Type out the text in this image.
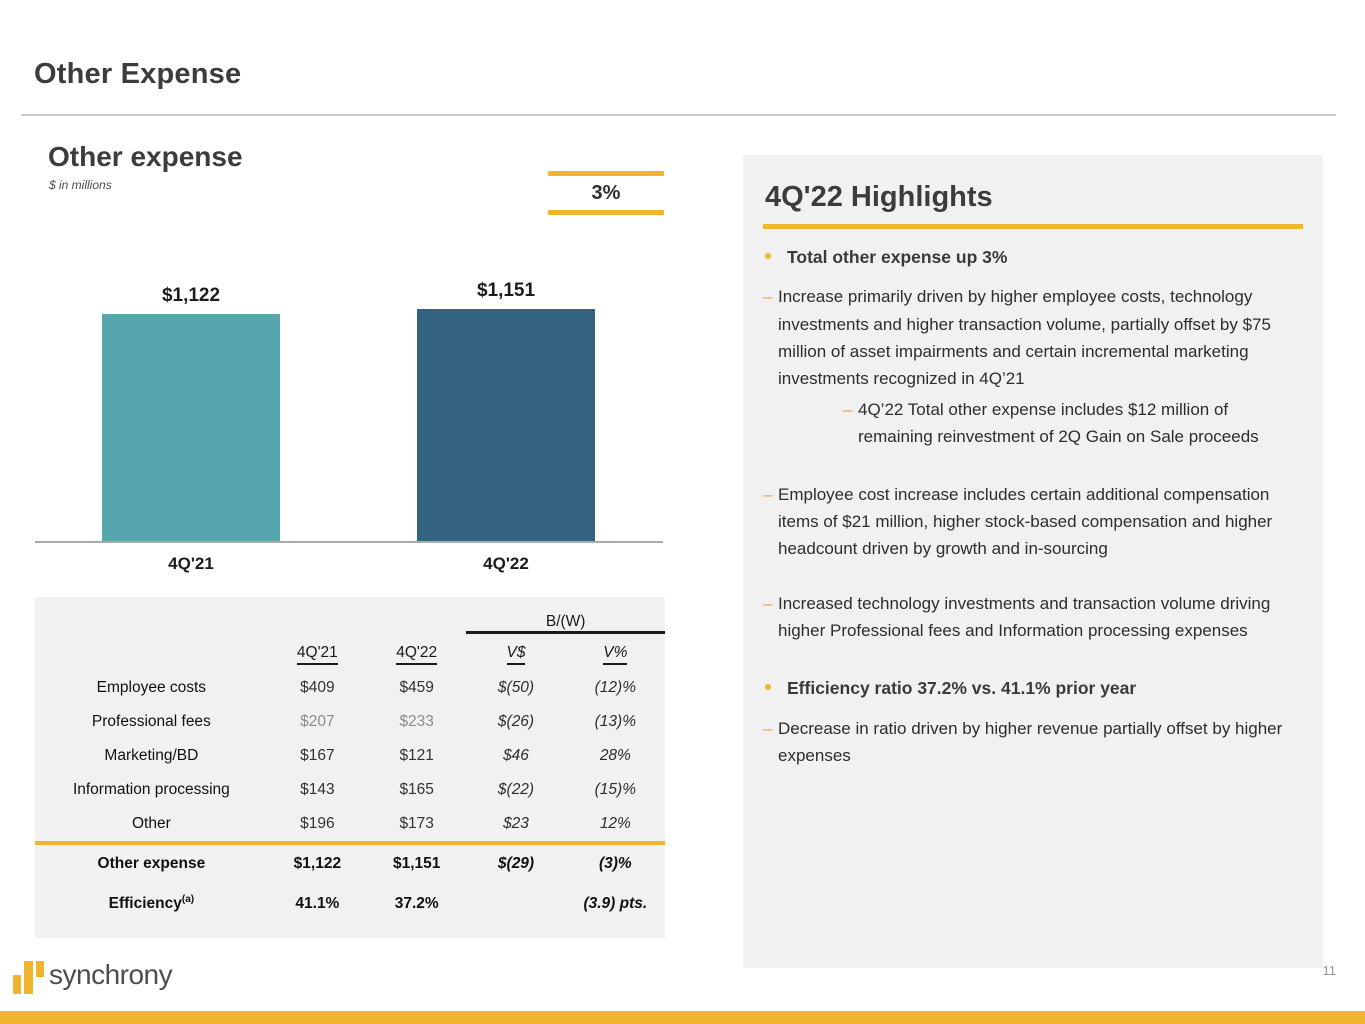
Other Expense
Other expense
$ in millions	3%
$1,122	$1,151
4Q'21	4Q'22

			B/(W)	

	4Q'21	4Q'22	V$	V%
Employee costs	$409	$459	$(50)	(12)%
Professional fees	$207	$233	$(26)	(13)%
Marketing/BD	$167	$121	$46	28%
Information processing	$143	$165	$(22)	(15)%
Other	$196	$173	$23	12%
Other expense	$1,122	$1,151	$(29)	(3)%
Efficiency$^{(a)}$	41.1%	37.2%		(3.9) pts.
4Q'22 Highlights
Total other expense up 3%
– Increase primarily driven by higher employee costs, technology investments and higher transaction volume, partially offset by $75 million of asset impairments and certain incremental marketing investments recognized in 4Q’21
– 4Q’22 Total other expense includes $12 million of remaining reinvestment of 2Q Gain on Sale proceeds
– Employee cost increase includes certain additional compensation items of $21 million, higher stock-based compensation and higher headcount driven by growth and in-sourcing
– Increased technology investments and transaction volume driving higher Professional fees and Information processing expenses
Efficiency ratio 37.2% vs. 41.1% prior year
– Decrease in ratio driven by higher revenue partially offset by higher expenses
synchrony	11
